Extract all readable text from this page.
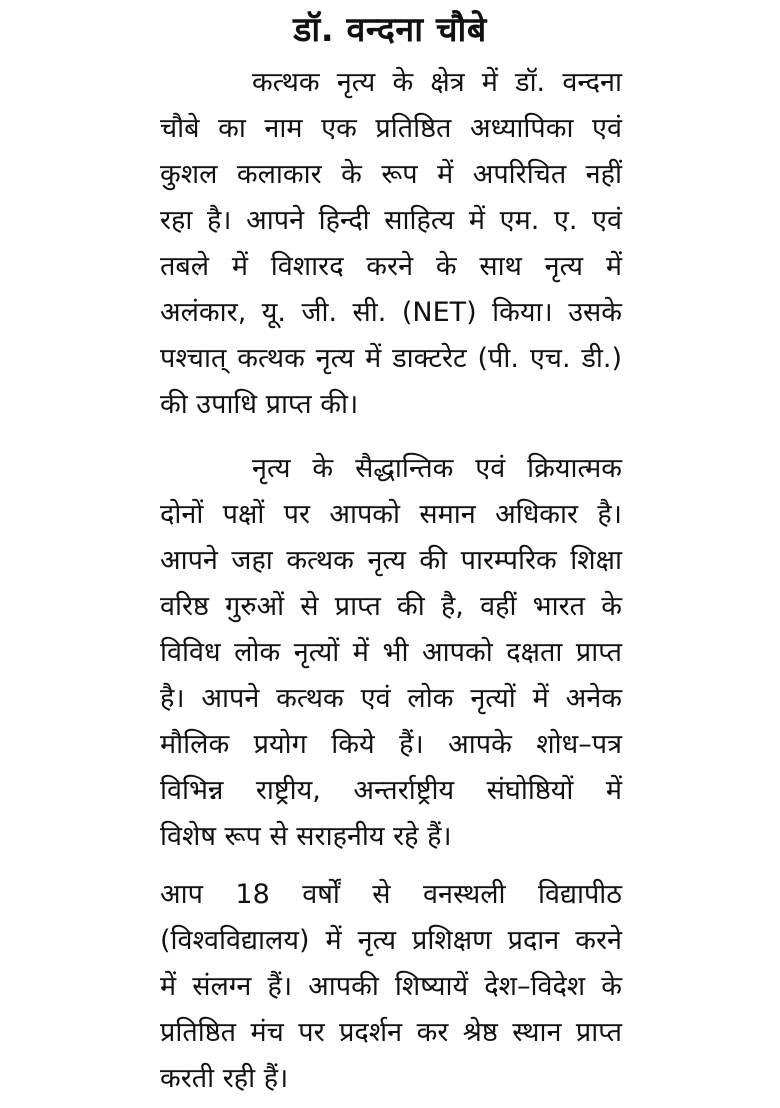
डॉ. वन्दना चौबे
कत्थक नृत्य के क्षेत्र में डॉ. वन्दना
चौबे का नाम एक प्रतिष्ठित अध्यापिका एवं
कुशल कलाकार के रूप में अपरिचित नहीं
रहा है। आपने हिन्दी साहित्य में एम. ए. एवं
तबले में विशारद करने के साथ नृत्य में
अलंकार, यू. जी. सी. (NET) किया। उसके
पश्चात् कत्थक नृत्य में डाक्टरेट (पी. एच. डी.)
की उपाधि प्राप्त की।
नृत्य के सैद्धान्तिक एवं क्रियात्मक
दोनों पक्षों पर आपको समान अधिकार है।
आपने जहा कत्थक नृत्य की पारम्परिक शिक्षा
वरिष्ठ गुरुओं से प्राप्त की है, वहीं भारत के
विविध लोक नृत्यों में भी आपको दक्षता प्राप्त
है। आपने कत्थक एवं लोक नृत्यों में अनेक
मौलिक प्रयोग किये हैं। आपके शोध–पत्र
विभिन्न राष्ट्रीय, अन्तर्राष्ट्रीय संघोष्ठियों में
विशेष रूप से सराहनीय रहे हैं।
आप 18 वर्षों से वनस्थली विद्यापीठ
(विश्वविद्यालय) में नृत्य प्रशिक्षण प्रदान करने
में संलग्न हैं। आपकी शिष्यायें देश–विदेश के
प्रतिष्ठित मंच पर प्रदर्शन कर श्रेष्ठ स्थान प्राप्त
करती रही हैं।
